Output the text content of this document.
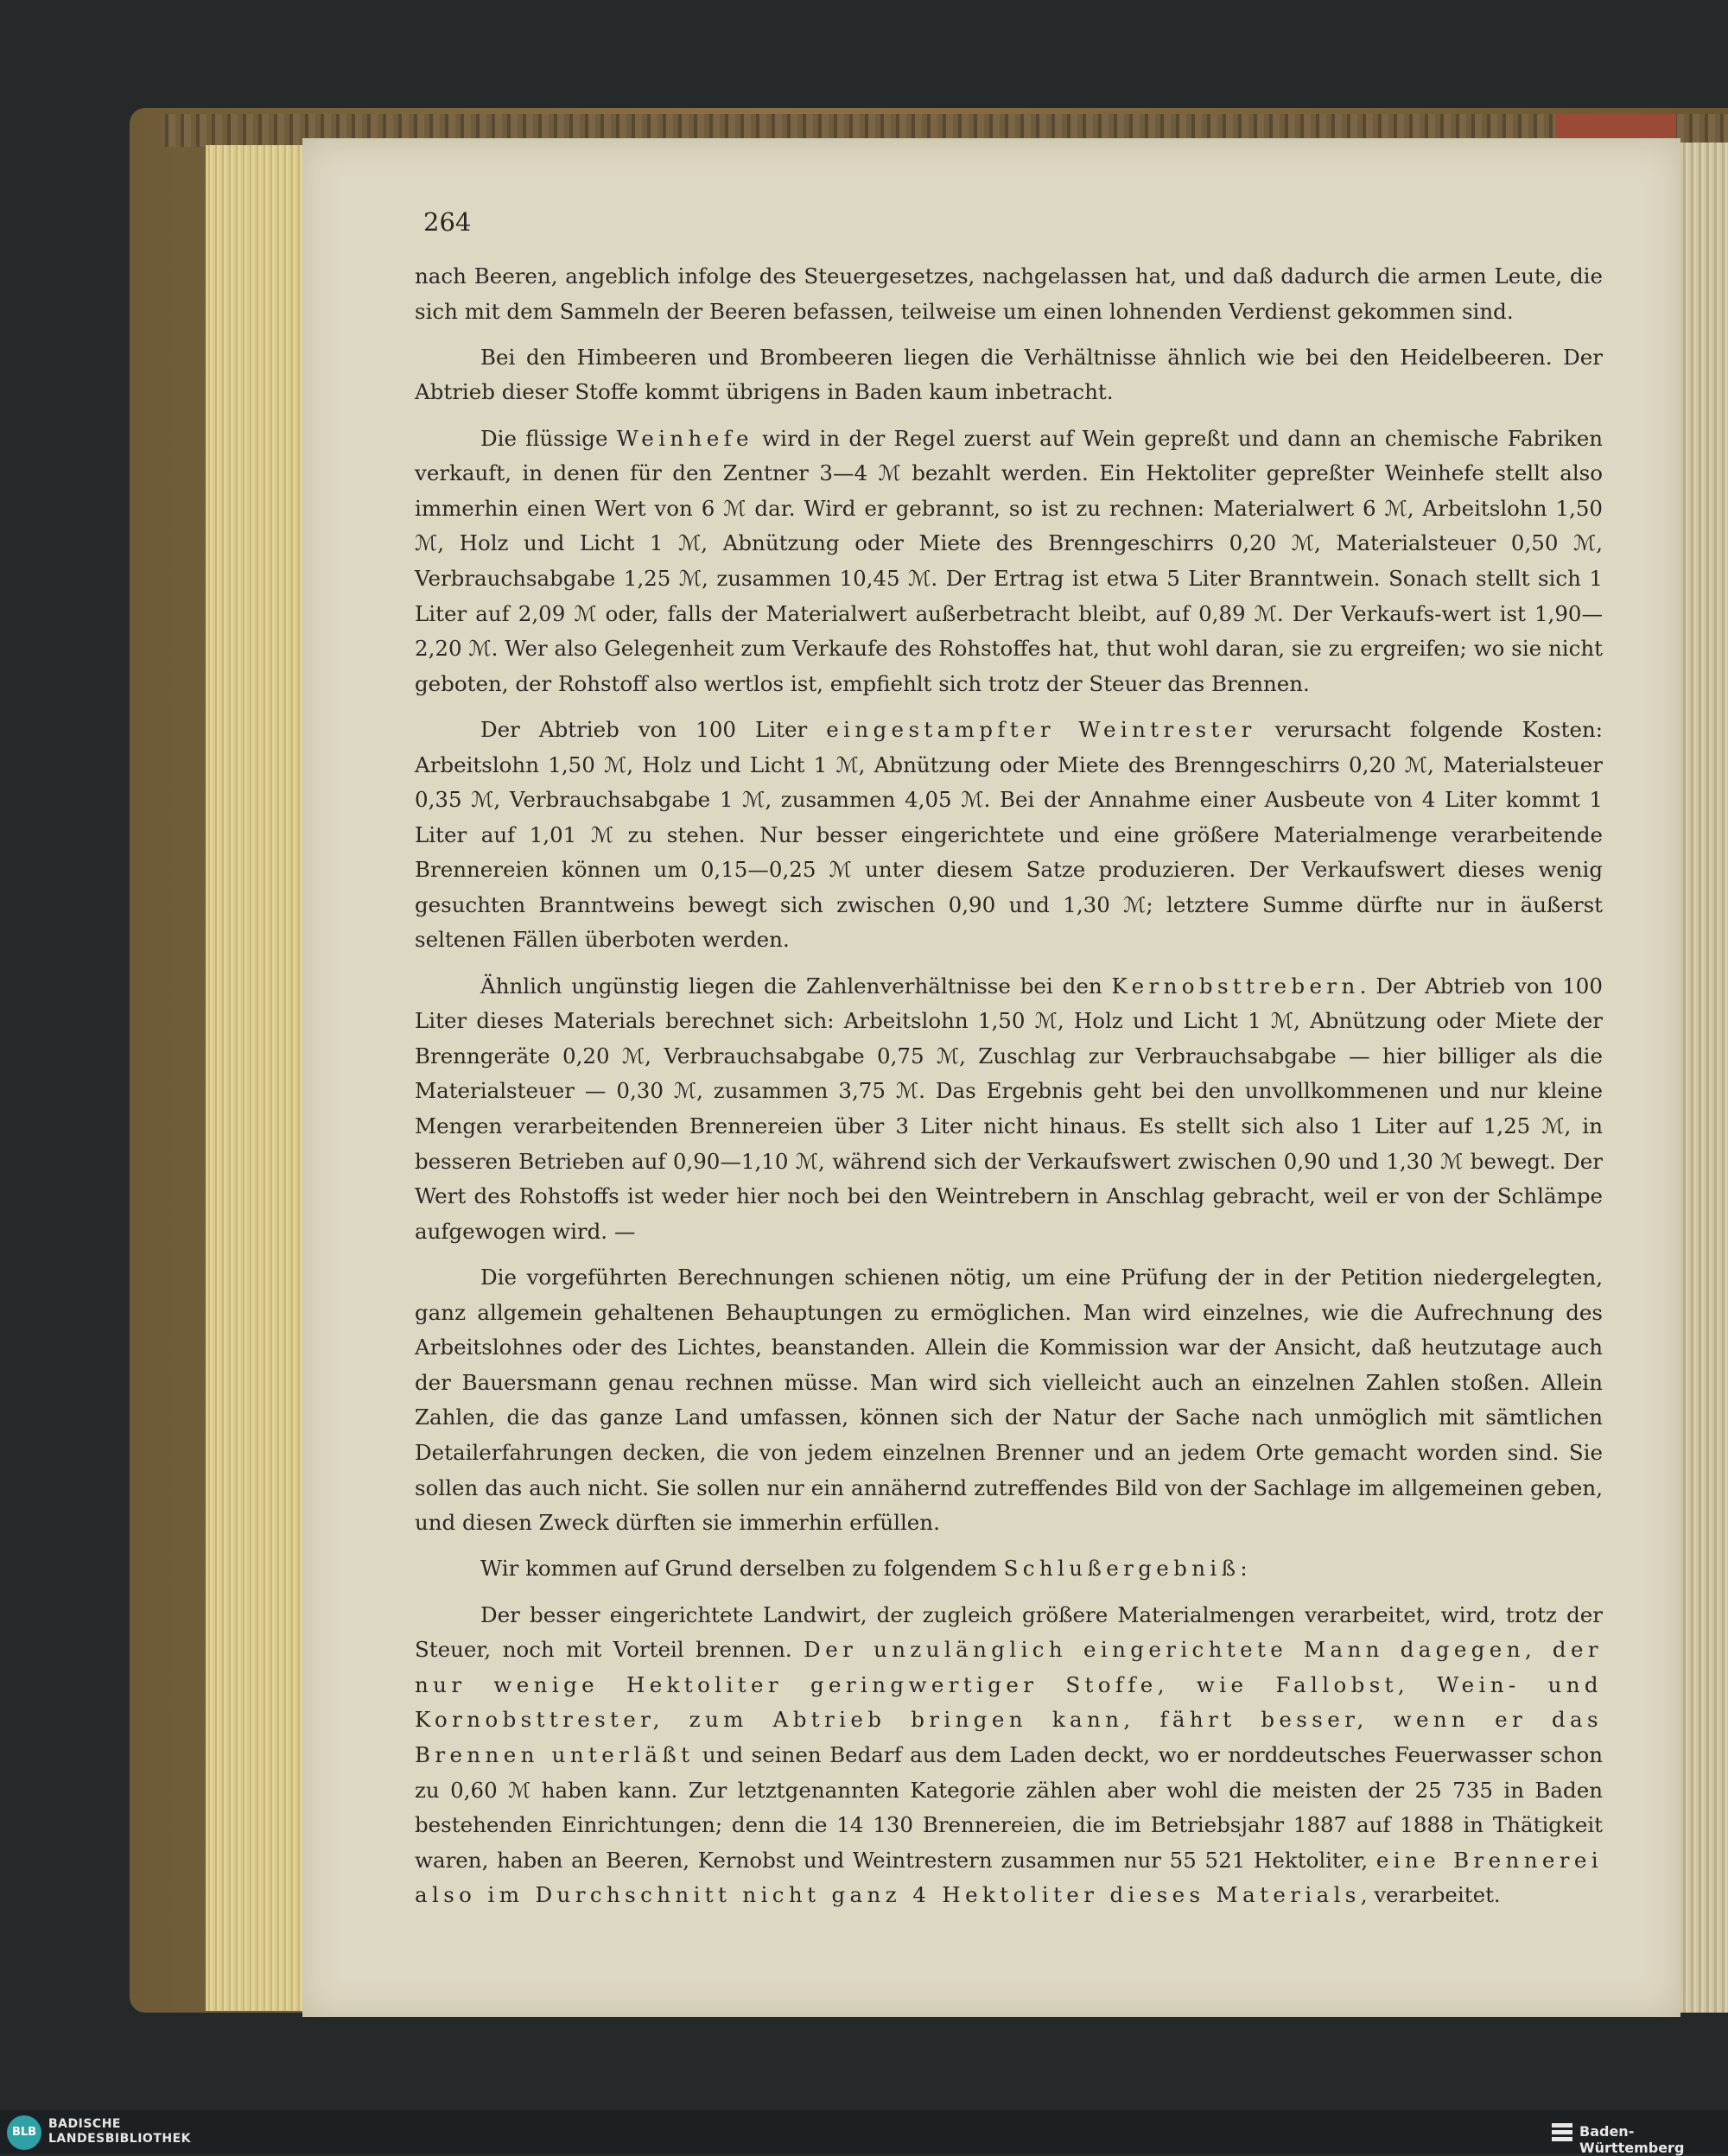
264

nach Beeren, angeblich infolge des Steuergesetzes, nachgelassen hat, und daß dadurch die armen Leute, die sich mit dem Sammeln der Beeren befassen, teilweise um einen lohnenden Verdienst gekommen sind.

Bei den Himbeeren und Brombeeren liegen die Verhältnisse ähnlich wie bei den Heidelbeeren. Der Abtrieb dieser Stoffe kommt übrigens in Baden kaum inbetracht.

Die flüssige Weinhefe wird in der Regel zuerst auf Wein gepreßt und dann an chemische Fabriken verkauft, in denen für den Zentner 3—4 ℳ bezahlt werden. Ein Hektoliter gepreßter Weinhefe stellt also immerhin einen Wert von 6 ℳ dar. Wird er gebrannt, so ist zu rechnen: Materialwert 6 ℳ, Arbeitslohn 1,50 ℳ, Holz und Licht 1 ℳ, Abnützung oder Miete des Brenngeschirrs 0,20 ℳ, Materialsteuer 0,50 ℳ, Verbrauchsabgabe 1,25 ℳ, zusammen 10,45 ℳ. Der Ertrag ist etwa 5 Liter Branntwein. Sonach stellt sich 1 Liter auf 2,09 ℳ oder, falls der Materialwert außerbetracht bleibt, auf 0,89 ℳ. Der Verkaufs-wert ist 1,90—2,20 ℳ. Wer also Gelegenheit zum Verkaufe des Rohstoffes hat, thut wohl daran, sie zu ergreifen; wo sie nicht geboten, der Rohstoff also wertlos ist, empfiehlt sich trotz der Steuer das Brennen.

Der Abtrieb von 100 Liter eingestampfter Weintrester verursacht folgende Kosten: Arbeitslohn 1,50 ℳ, Holz und Licht 1 ℳ, Abnützung oder Miete des Brenngeschirrs 0,20 ℳ, Materialsteuer 0,35 ℳ, Verbrauchsabgabe 1 ℳ, zusammen 4,05 ℳ. Bei der Annahme einer Ausbeute von 4 Liter kommt 1 Liter auf 1,01 ℳ zu stehen. Nur besser eingerichtete und eine größere Materialmenge verarbeitende Brennereien können um 0,15—0,25 ℳ unter diesem Satze produzieren. Der Verkaufswert dieses wenig gesuchten Branntweins bewegt sich zwischen 0,90 und 1,30 ℳ; letztere Summe dürfte nur in äußerst seltenen Fällen überboten werden.

Ähnlich ungünstig liegen die Zahlenverhältnisse bei den Kernobsttrebern. Der Abtrieb von 100 Liter dieses Materials berechnet sich: Arbeitslohn 1,50 ℳ, Holz und Licht 1 ℳ, Abnützung oder Miete der Brenngeräte 0,20 ℳ, Verbrauchsabgabe 0,75 ℳ, Zuschlag zur Verbrauchsabgabe — hier billiger als die Materialsteuer — 0,30 ℳ, zusammen 3,75 ℳ. Das Ergebnis geht bei den unvollkommenen und nur kleine Mengen verarbeitenden Brennereien über 3 Liter nicht hinaus. Es stellt sich also 1 Liter auf 1,25 ℳ, in besseren Betrieben auf 0,90—1,10 ℳ, während sich der Verkaufswert zwischen 0,90 und 1,30 ℳ bewegt. Der Wert des Rohstoffs ist weder hier noch bei den Weintrebern in Anschlag gebracht, weil er von der Schlämpe aufgewogen wird. —

Die vorgeführten Berechnungen schienen nötig, um eine Prüfung der in der Petition niedergelegten, ganz allgemein gehaltenen Behauptungen zu ermöglichen. Man wird einzelnes, wie die Aufrechnung des Arbeitslohnes oder des Lichtes, beanstanden. Allein die Kommission war der Ansicht, daß heutzutage auch der Bauersmann genau rechnen müsse. Man wird sich vielleicht auch an einzelnen Zahlen stoßen. Allein Zahlen, die das ganze Land umfassen, können sich der Natur der Sache nach unmöglich mit sämtlichen Detailerfahrungen decken, die von jedem einzelnen Brenner und an jedem Orte gemacht worden sind. Sie sollen das auch nicht. Sie sollen nur ein annähernd zutreffendes Bild von der Sachlage im allgemeinen geben, und diesen Zweck dürften sie immerhin erfüllen.

Wir kommen auf Grund derselben zu folgendem Schlußergebniß:

Der besser eingerichtete Landwirt, der zugleich größere Materialmengen verarbeitet, wird, trotz der Steuer, noch mit Vorteil brennen. Der unzulänglich eingerichtete Mann dagegen, der nur wenige Hektoliter geringwertiger Stoffe, wie Fallobst, Wein- und Kornobsttrester, zum Abtrieb bringen kann, fährt besser, wenn er das Brennen unterläßt und seinen Bedarf aus dem Laden deckt, wo er norddeutsches Feuerwasser schon zu 0,60 ℳ haben kann. Zur letztgenannten Kategorie zählen aber wohl die meisten der 25 735 in Baden bestehenden Einrichtungen; denn die 14 130 Brennereien, die im Betriebsjahr 1887 auf 1888 in Thätigkeit waren, haben an Beeren, Kernobst und Weintrestern zusammen nur 55 521 Hektoliter, eine Brennerei also im Durchschnitt nicht ganz 4 Hektoliter dieses Materials, verarbeitet.

BLB
BADISCHE
LANDESBIBLIOTHEK	Baden-Württemberg
